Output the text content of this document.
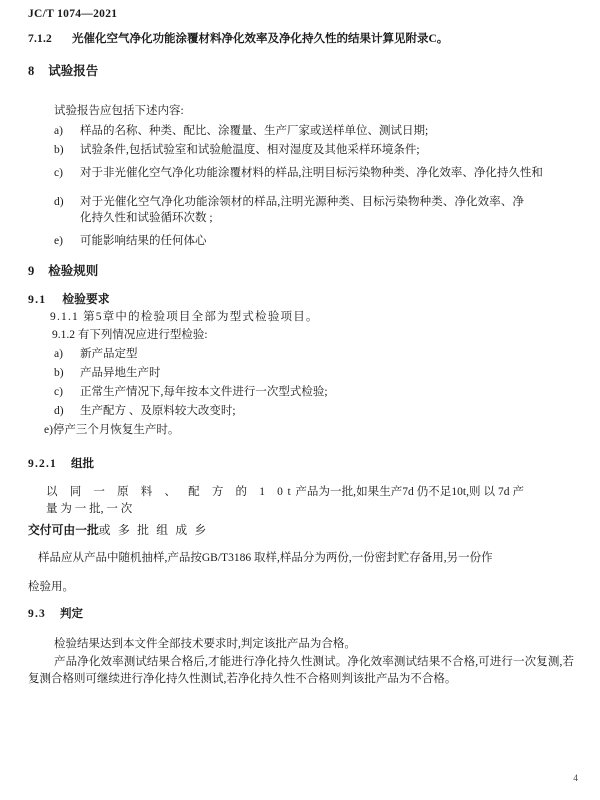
JC/T 1074—2021
7.1.2 光催化空气净化功能涂覆材料净化效率及净化持久性的结果计算见附录C。
8 试验报告
试验报告应包括下述内容:
a) 样品的名称、种类、配比、涂覆量、生产厂家或送样单位、测试日期;
b) 试验条件,包括试验室和试验舱温度、相对湿度及其他采样环境条件;
c) 对于非光催化空气净化功能涂覆材料的样品,注明目标污染物种类、净化效率、净化持久性和
d) 对于光催化空气净化功能涂领材的样品,注明光源种类、目标污染物种类、净化效率、净化持久性和试验循环次数 ;
e) 可能影响结果的任何体心
9 检验规则
9.1 检验要求
9.1.1 第5章中的检验项目全部为型式检验项目。
9.1.2 有下列情况应进行型检验:
a) 新产品定型
b) 产品异地生产时
c) 正常生产情况下,每年按本文件进行一次型式检验;
d) 生产配方 、及原料较大改变时;
e)停产三个月恢复生产时。
9.2.1 组批
以 同 一 原 料 、 配 方 的 1 0t产品为一批,如果生产7d 仍不足10t,则 以 7d 产 量 为 一 批, 一 次
交付可由一批或 多 批 组 成 乡
样品应从产品中随机抽样,产品按GB/T3186 取样,样品分为两份,一份密封贮存备用,另一份作
检验用。
9.3 判定
检验结果达到本文件全部技术要求时,判定该批产品为合格。
产品净化效率测试结果合格后,才能进行净化持久性测试。净化效率测试结果不合格,可进行一次复测,若复测合格则可继续进行净化持久性测试,若净化持久性不合格则判该批产品为不合格。
4
